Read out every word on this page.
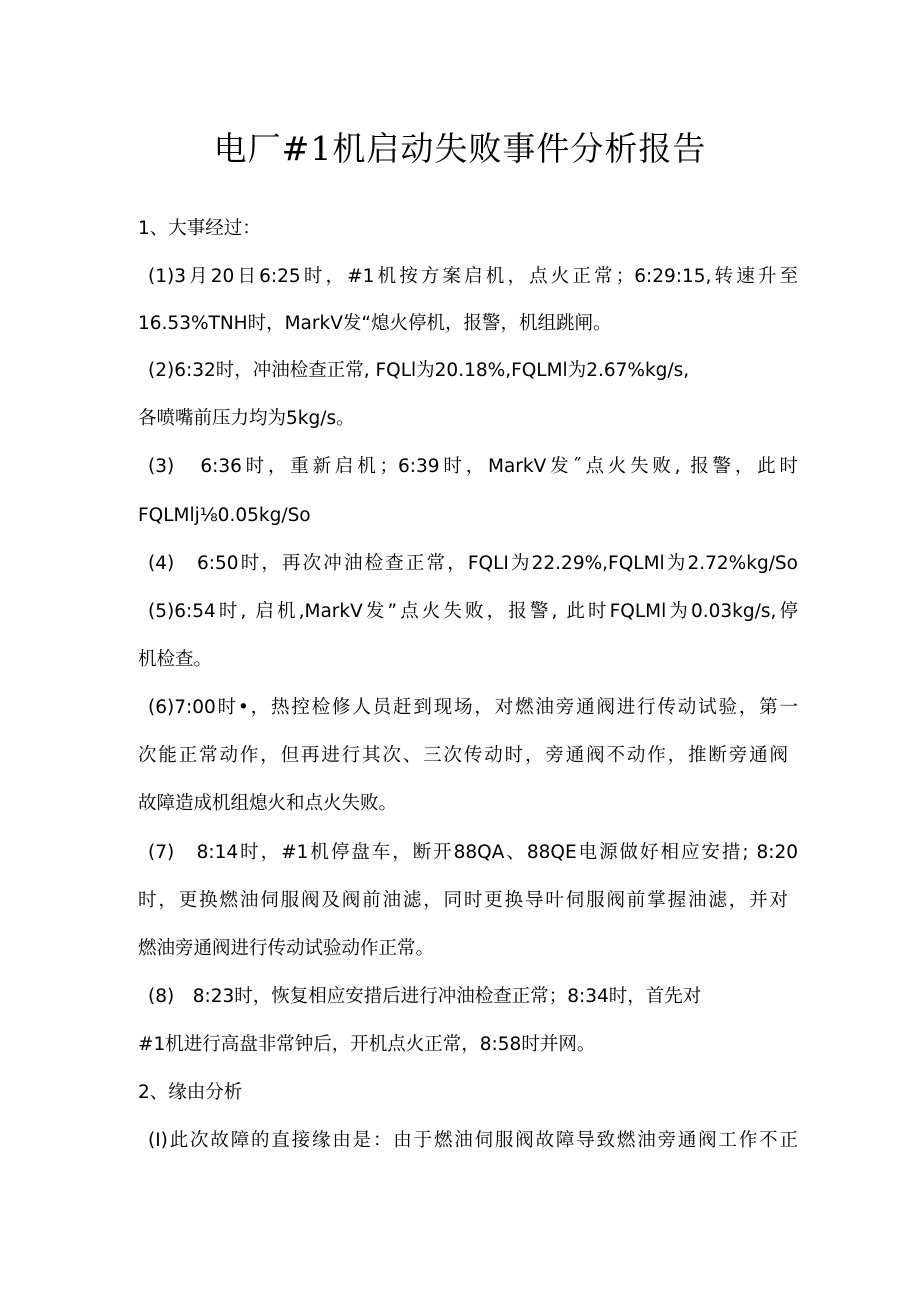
电厂#1机启动失败事件分析报告
1、大事经过：
(1)3月20日6:25时，#1机按方案启机，点火正常；6:29:15,转速升至
16.53%TNH时，MarkV发“熄火停机，报警，机组跳闸。
(2)6:32时，冲油检查正常, FQLl为20.18%,FQLMl为2.67%kg∕s,
各喷嘴前压力均为5kg∕s。
(3)　6:36时，重新启机；6:39时，MarkV发˝点火失败, 报警，此时
FQLMlj⅛0.05kg∕So
(4)　6:50时，再次冲油检查正常，FQLI为22.29%,FQLMl为2.72%kg/So
(5)6:54时, 启机,MarkV发”点火失败，报警, 此时FQLMl为0.03kg∕s,停
机检查。
(6)7:00时•，热控检修人员赶到现场，对燃油旁通阀进行传动试验，第一
次能正常动作，但再进行其次、三次传动时，旁通阀不动作，推断旁通阀
故障造成机组熄火和点火失败。
(7)　8:14时，#1机停盘车，断开88QA、88QE电源做好相应安措; 8:20
时，更换燃油伺服阀及阀前油滤，同时更换导叶伺服阀前掌握油滤，并对
燃油旁通阀进行传动试验动作正常。
(8)　8:23时，恢复相应安措后进行冲油检查正常；8:34时，首先对
#1机进行高盘非常钟后，开机点火正常，8:58时并网。
2、缘由分析
(I)此次故障的直接缘由是：由于燃油伺服阀故障导致燃油旁通阀工作不正
